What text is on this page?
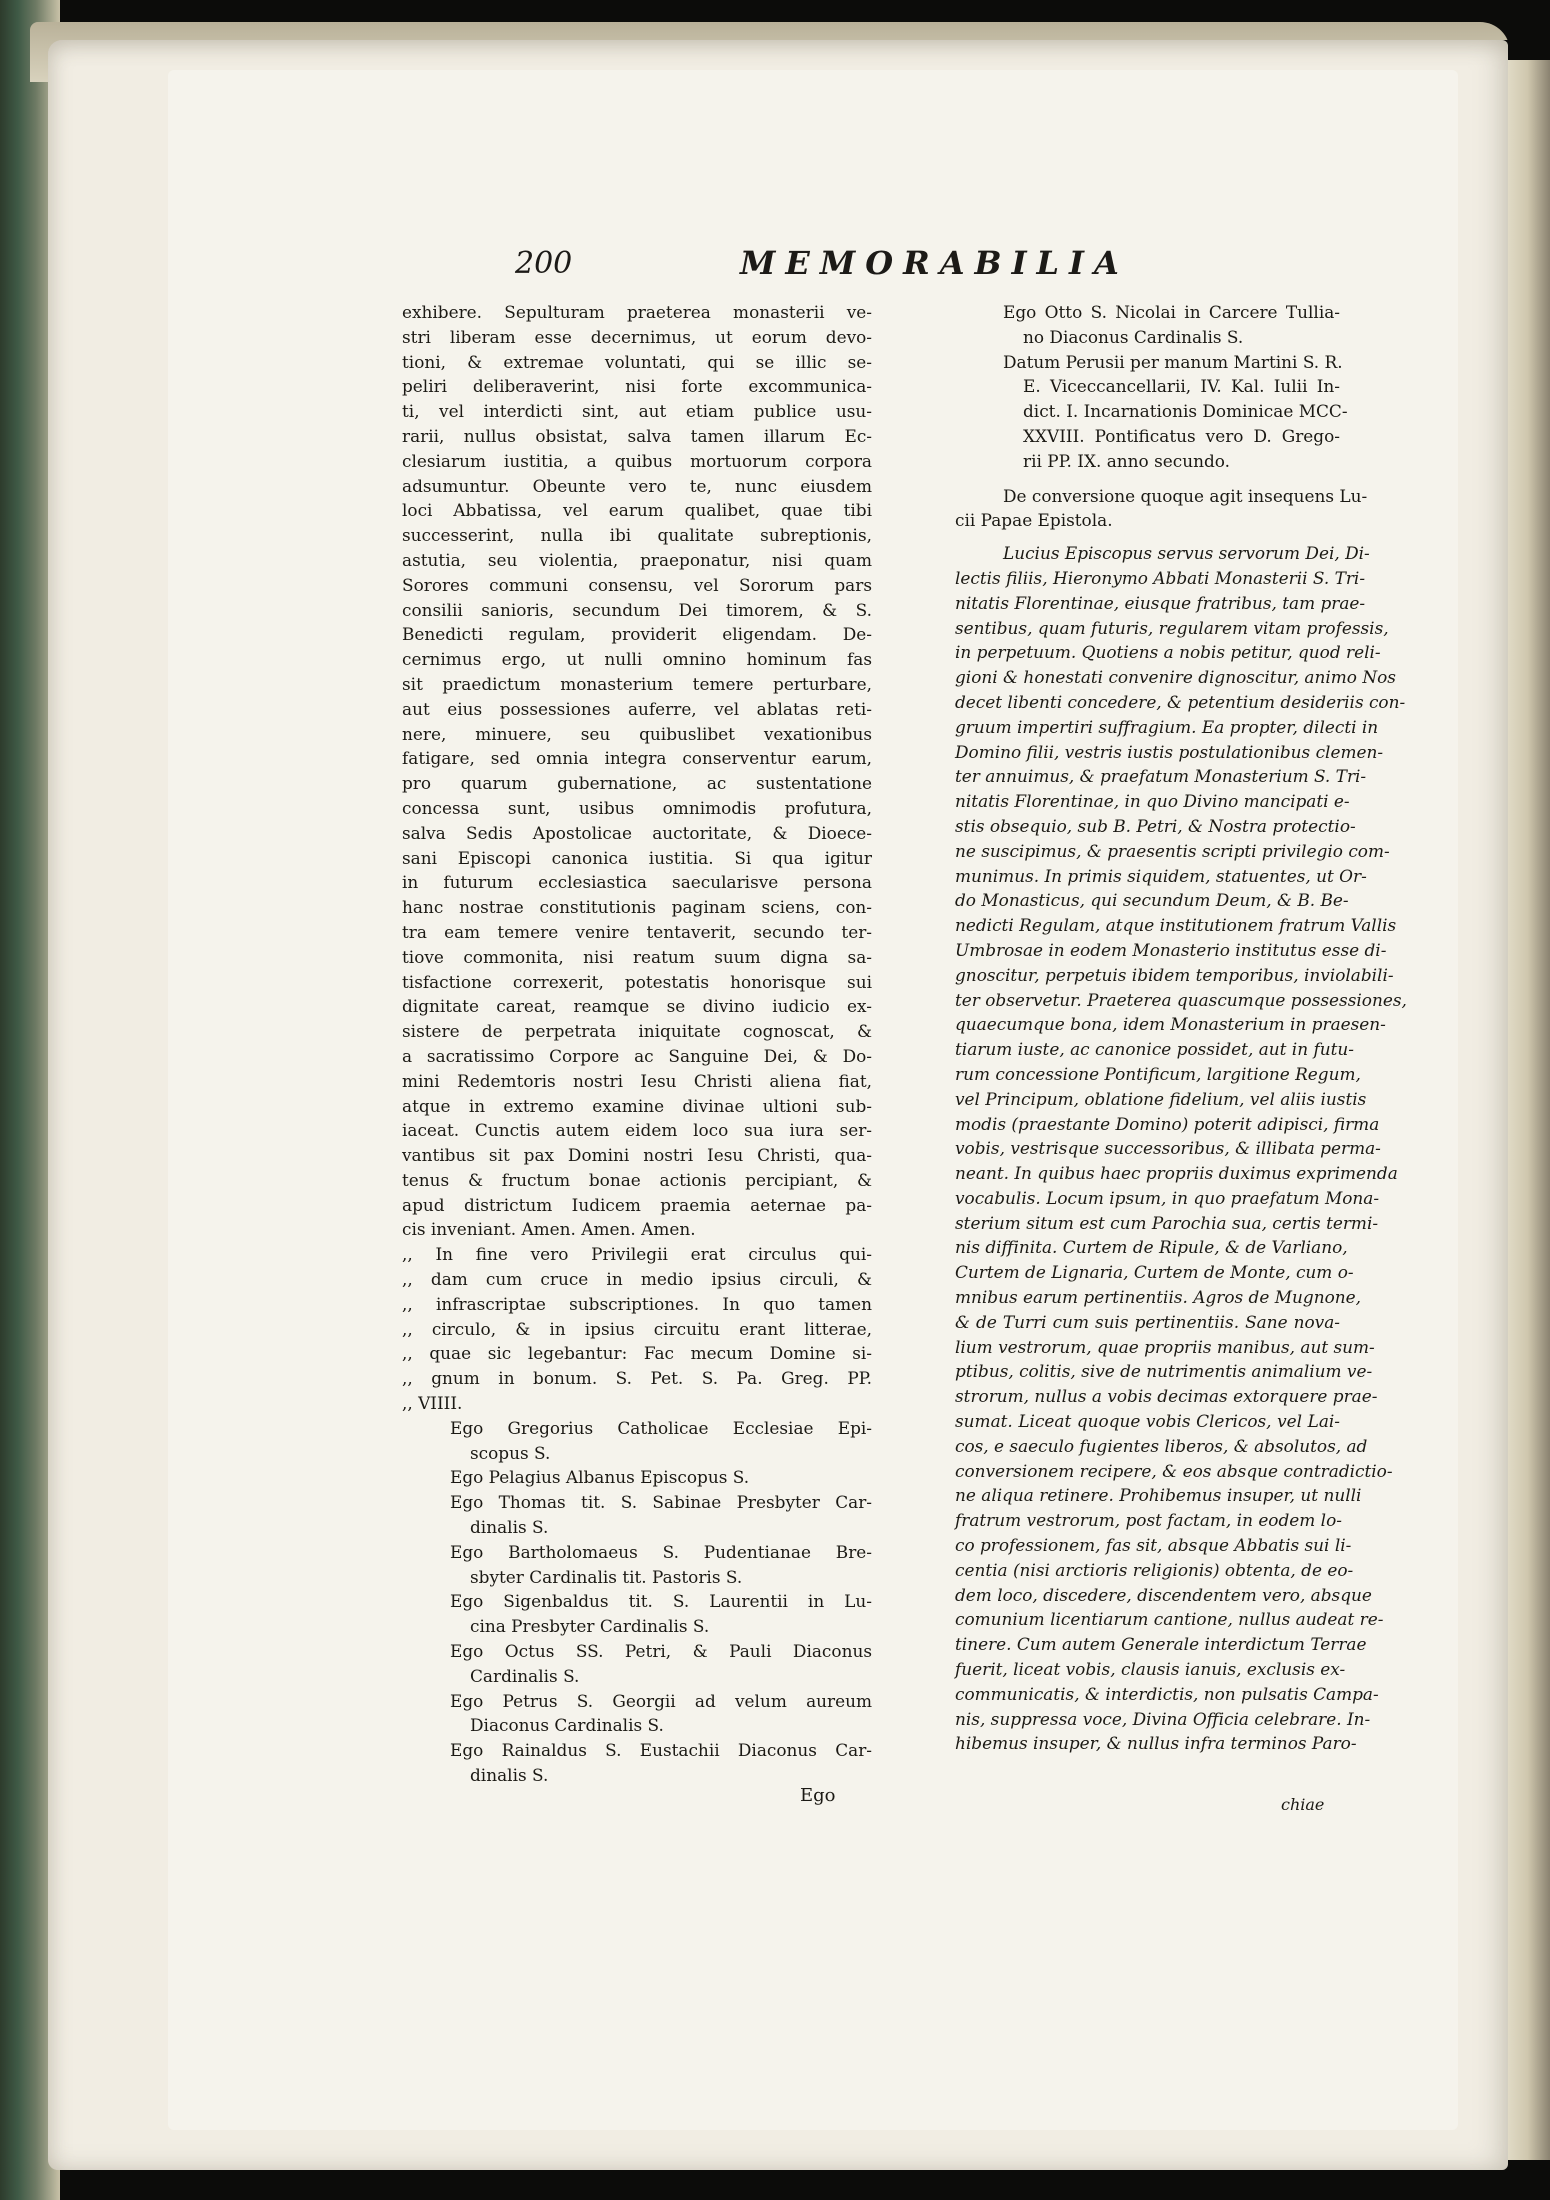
200	MEMORABILIA
exhibere. Sepulturam praeterea monasterii ve-
stri liberam esse decernimus, ut eorum devo-
tioni, & extremae voluntati, qui se illic se-
peliri deliberaverint, nisi forte excommunica-
ti, vel interdicti sint, aut etiam publice usu-
rarii, nullus obsistat, salva tamen illarum Ec-
clesiarum iustitia, a quibus mortuorum corpora
adsumuntur. Obeunte vero te, nunc eiusdem
loci Abbatissa, vel earum qualibet, quae tibi
successerint, nulla ibi qualitate subreptionis,
astutia, seu violentia, praeponatur, nisi quam
Sorores communi consensu, vel Sororum pars
consilii sanioris, secundum Dei timorem, & S.
Benedicti regulam, providerit eligendam. De-
cernimus ergo, ut nulli omnino hominum fas
sit praedictum monasterium temere perturbare,
aut eius possessiones auferre, vel ablatas reti-
nere, minuere, seu quibuslibet vexationibus
fatigare, sed omnia integra conserventur earum,
pro quarum gubernatione, ac sustentatione
concessa sunt, usibus omnimodis profutura,
salva Sedis Apostolicae auctoritate, & Dioece-
sani Episcopi canonica iustitia. Si qua igitur
in futurum ecclesiastica saecularisve persona
hanc nostrae constitutionis paginam sciens, con-
tra eam temere venire tentaverit, secundo ter-
tiove commonita, nisi reatum suum digna sa-
tisfactione correxerit, potestatis honorisque sui
dignitate careat, reamque se divino iudicio ex-
sistere de perpetrata iniquitate cognoscat, &
a sacratissimo Corpore ac Sanguine Dei, & Do-
mini Redemtoris nostri Iesu Christi aliena fiat,
atque in extremo examine divinae ultioni sub-
iaceat. Cunctis autem eidem loco sua iura ser-
vantibus sit pax Domini nostri Iesu Christi, qua-
tenus & fructum bonae actionis percipiant, &
apud districtum Iudicem praemia aeternae pa-
cis inveniant. Amen. Amen. Amen.
,, In fine vero Privilegii erat circulus qui-
,, dam cum cruce in medio ipsius circuli, &
,, infrascriptae subscriptiones. In quo tamen
,, circulo, & in ipsius circuitu erant litterae,
,, quae sic legebantur: Fac mecum Domine si-
,, gnum in bonum. S. Pet. S. Pa. Greg. PP.
,, VIIII.
Ego Gregorius Catholicae Ecclesiae Epi-
scopus S.
Ego Pelagius Albanus Episcopus S.
Ego Thomas tit. S. Sabinae Presbyter Car-
dinalis S.
Ego Bartholomaeus S. Pudentianae Bre-
sbyter Cardinalis tit. Pastoris S.
Ego Sigenbaldus tit. S. Laurentii in Lu-
cina Presbyter Cardinalis S.
Ego Octus SS. Petri, & Pauli Diaconus
Cardinalis S.
Ego Petrus S. Georgii ad velum aureum
Diaconus Cardinalis S.
Ego Rainaldus S. Eustachii Diaconus Car-
dinalis S.
Ego Otto S. Nicolai in Carcere Tullia-
no Diaconus Cardinalis S.
Datum Perusii per manum Martini S. R.
E. Viceccancellarii, IV. Kal. Iulii In-
dict. I. Incarnationis Dominicae MCC-
XXVIII. Pontificatus vero D. Grego-
rii PP. IX. anno secundo.
De conversione quoque agit insequens Lu-
cii Papae Epistola.
Lucius Episcopus servus servorum Dei, Di-
lectis filiis, Hieronymo Abbati Monasterii S. Tri-
nitatis Florentinae, eiusque fratribus, tam prae-
sentibus, quam futuris, regularem vitam professis,
in perpetuum. Quotiens a nobis petitur, quod reli-
gioni & honestati convenire dignoscitur, animo Nos
decet libenti concedere, & petentium desideriis con-
gruum impertiri suffragium. Ea propter, dilecti in
Domino filii, vestris iustis postulationibus clemen-
ter annuimus, & praefatum Monasterium S. Tri-
nitatis Florentinae, in quo Divino mancipati e-
stis obsequio, sub B. Petri, & Nostra protectio-
ne suscipimus, & praesentis scripti privilegio com-
munimus. In primis siquidem, statuentes, ut Or-
do Monasticus, qui secundum Deum, & B. Be-
nedicti Regulam, atque institutionem fratrum Vallis
Umbrosae in eodem Monasterio institutus esse di-
gnoscitur, perpetuis ibidem temporibus, inviolabili-
ter observetur. Praeterea quascumque possessiones,
quaecumque bona, idem Monasterium in praesen-
tiarum iuste, ac canonice possidet, aut in futu-
rum concessione Pontificum, largitione Regum,
vel Principum, oblatione fidelium, vel aliis iustis
modis (praestante Domino) poterit adipisci, firma
vobis, vestrisque successoribus, & illibata perma-
neant. In quibus haec propriis duximus exprimenda
vocabulis. Locum ipsum, in quo praefatum Mona-
sterium situm est cum Parochia sua, certis termi-
nis diffinita. Curtem de Ripule, & de Varliano,
Curtem de Lignaria, Curtem de Monte, cum o-
mnibus earum pertinentiis. Agros de Mugnone,
& de Turri cum suis pertinentiis. Sane nova-
lium vestrorum, quae propriis manibus, aut sum-
ptibus, colitis, sive de nutrimentis animalium ve-
strorum, nullus a vobis decimas extorquere prae-
sumat. Liceat quoque vobis Clericos, vel Lai-
cos, e saeculo fugientes liberos, & absolutos, ad
conversionem recipere, & eos absque contradictio-
ne aliqua retinere. Prohibemus insuper, ut nulli
fratrum vestrorum, post factam, in eodem lo-
co professionem, fas sit, absque Abbatis sui li-
centia (nisi arctioris religionis) obtenta, de eo-
dem loco, discedere, discendentem vero, absque
comunium licentiarum cantione, nullus audeat re-
tinere. Cum autem Generale interdictum Terrae
fuerit, liceat vobis, clausis ianuis, exclusis ex-
communicatis, & interdictis, non pulsatis Campa-
nis, suppressa voce, Divina Officia celebrare. In-
hibemus insuper, & nullus infra terminos Paro-
Ego	chiae
